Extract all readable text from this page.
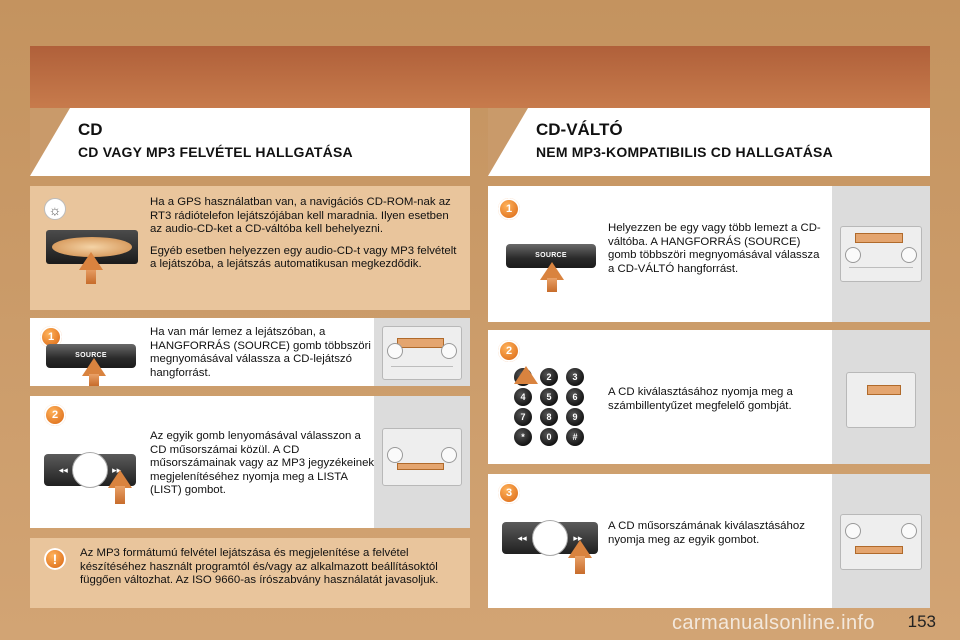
CD
CD VAGY MP3 FELVÉTEL HALLGATÁSA
CD-VÁLTÓ
NEM MP3-KOMPATIBILIS CD HALLGATÁSA
☼	Ha a GPS használatban van, a navigációs CD-ROM-nak az RT3 rádiótelefon lejátszójában kell maradnia. Ilyen esetben az audio-CD-ket a CD-váltóba kell behelyezni.

Egyéb esetben helyezzen egy audio-CD-t vagy MP3 felvételt a lejátszóba, a lejátszás automatikusan megkezdődik.

1
SOURCE
Ha van már lemez a lejátszóban, a HANGFORRÁS (SOURCE) gomb többszöri megnyomásával válassza a CD-lejátszó hangforrást.
2
◂◂	▸▸
Az egyik gomb lenyomásával válasszon a CD műsorszámai közül. A CD műsorszámainak vagy az MP3 jegyzékeinek megjelenítéséhez nyomja meg a LISTA (LIST) gombot.
!	Az MP3 formátumú felvétel lejátszása és megjelenítése a felvétel készítéséhez használt programtól és/vagy az alkalmazott beállításoktól függően változhat. Az ISO 9660-as írószabvány használatát javasoljuk.
1
SOURCE
Helyezzen be egy vagy több lemezt a CD-váltóba. A HANGFORRÁS (SOURCE) gomb többszöri megnyomásával válassza a CD-VÁLTÓ hangforrást.
2
1	2	3
4	5	6
7	8	9
*	0	#
A CD kiválasztásához nyomja meg a számbillentyűzet megfelelő gombját.
3
◂◂	▸▸
A CD műsorszámának kiválasztásához nyomja meg az egyik gombot.
153
carmanualsonline.info
